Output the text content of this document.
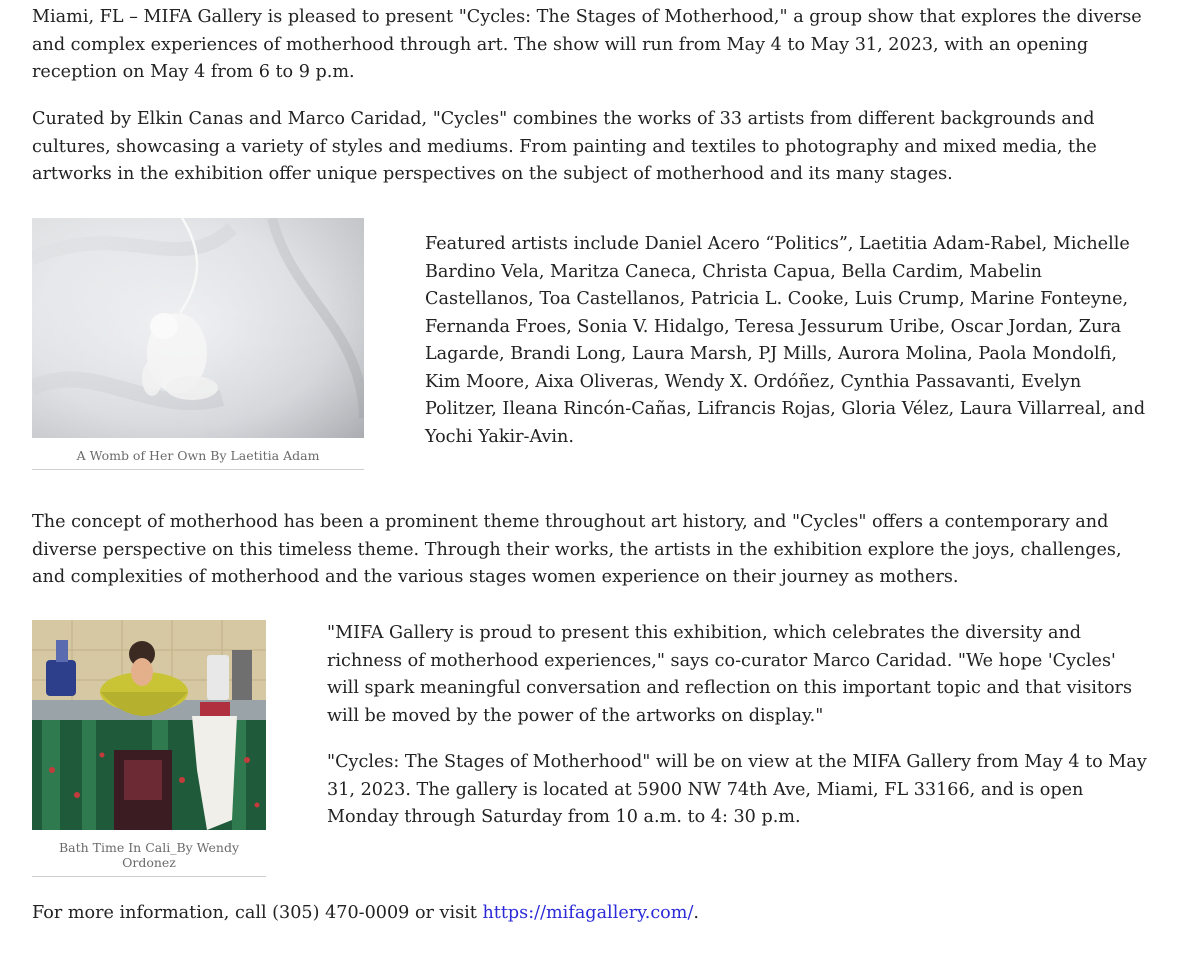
Miami, FL – MIFA Gallery is pleased to present "Cycles: The Stages of Motherhood," a group show that explores the diverse and complex experiences of motherhood through art. The show will run from May 4 to May 31, 2023, with an opening reception on May 4 from 6 to 9 p.m.

Curated by Elkin Canas and Marco Caridad, "Cycles" combines the works of 33 artists from different backgrounds and cultures, showcasing a variety of styles and mediums. From painting and textiles to photography and mixed media, the artworks in the exhibition offer unique perspectives on the subject of motherhood and its many stages.

A Womb of Her Own By Laetitia Adam

Featured artists include Daniel Acero “Politics”, Laetitia Adam-Rabel, Michelle Bardino Vela, Maritza Caneca, Christa Capua, Bella Cardim, Mabelin Castellanos, Toa Castellanos, Patricia L. Cooke, Luis Crump, Marine Fonteyne, Fernanda Froes, Sonia V. Hidalgo, Teresa Jessurum Uribe, Oscar Jordan, Zura Lagarde, Brandi Long, Laura Marsh, PJ Mills, Aurora Molina, Paola Mondolfi, Kim Moore, Aixa Oliveras, Wendy X. Ordóñez, Cynthia Passavanti, Evelyn Politzer, Ileana Rincón-Cañas, Lifrancis Rojas, Gloria Vélez, Laura Villarreal, and Yochi Yakir-Avin.

The concept of motherhood has been a prominent theme throughout art history, and "Cycles" offers a contemporary and diverse perspective on this timeless theme. Through their works, the artists in the exhibition explore the joys, challenges, and complexities of motherhood and the various stages women experience on their journey as mothers.

Bath Time In Cali_By Wendy Ordonez

"MIFA Gallery is proud to present this exhibition, which celebrates the diversity and richness of motherhood experiences," says co-curator Marco Caridad. "We hope 'Cycles' will spark meaningful conversation and reflection on this important topic and that visitors will be moved by the power of the artworks on display."

"Cycles: The Stages of Motherhood" will be on view at the MIFA Gallery from May 4 to May 31, 2023. The gallery is located at 5900 NW 74th Ave, Miami, FL 33166, and is open Monday through Saturday from 10 a.m. to 4: 30 p.m.

For more information, call (305) 470-0009 or visit https://mifagallery.com/.
